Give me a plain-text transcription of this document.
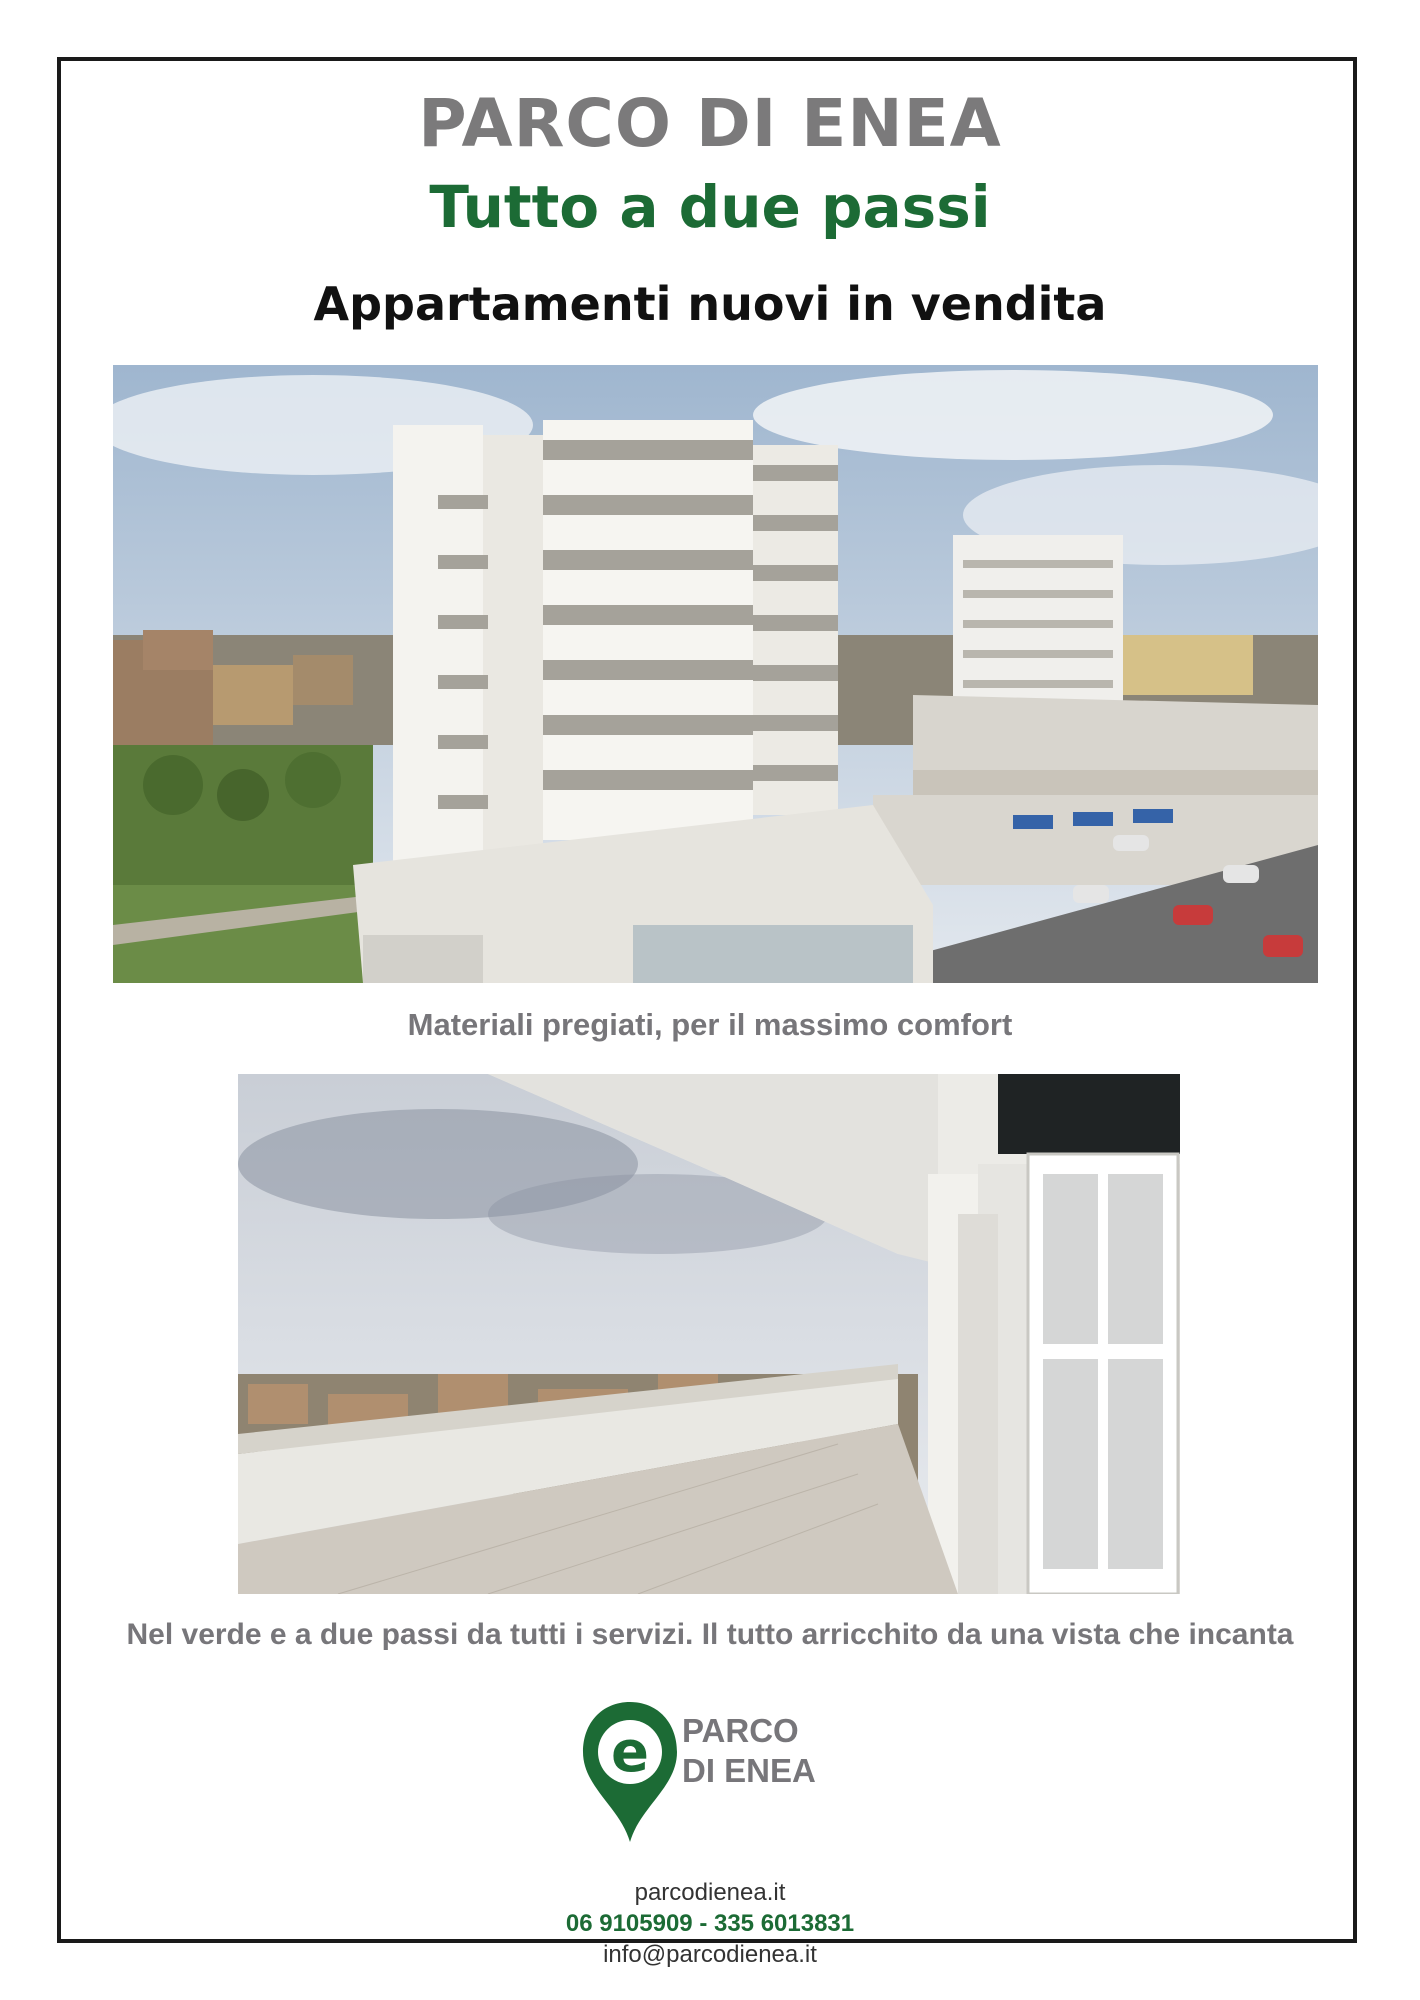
PARCO DI ENEA
Tutto a due passi
Appartamenti nuovi in vendita
Materiali pregiati, per il massimo comfort
Nel verde e a due passi da tutti i servizi. Il tutto arricchito da una vista che incanta
e PARCO
DI ENEA

parcodienea.it

06 9105909 - 335 6013831

info@parcodienea.it
